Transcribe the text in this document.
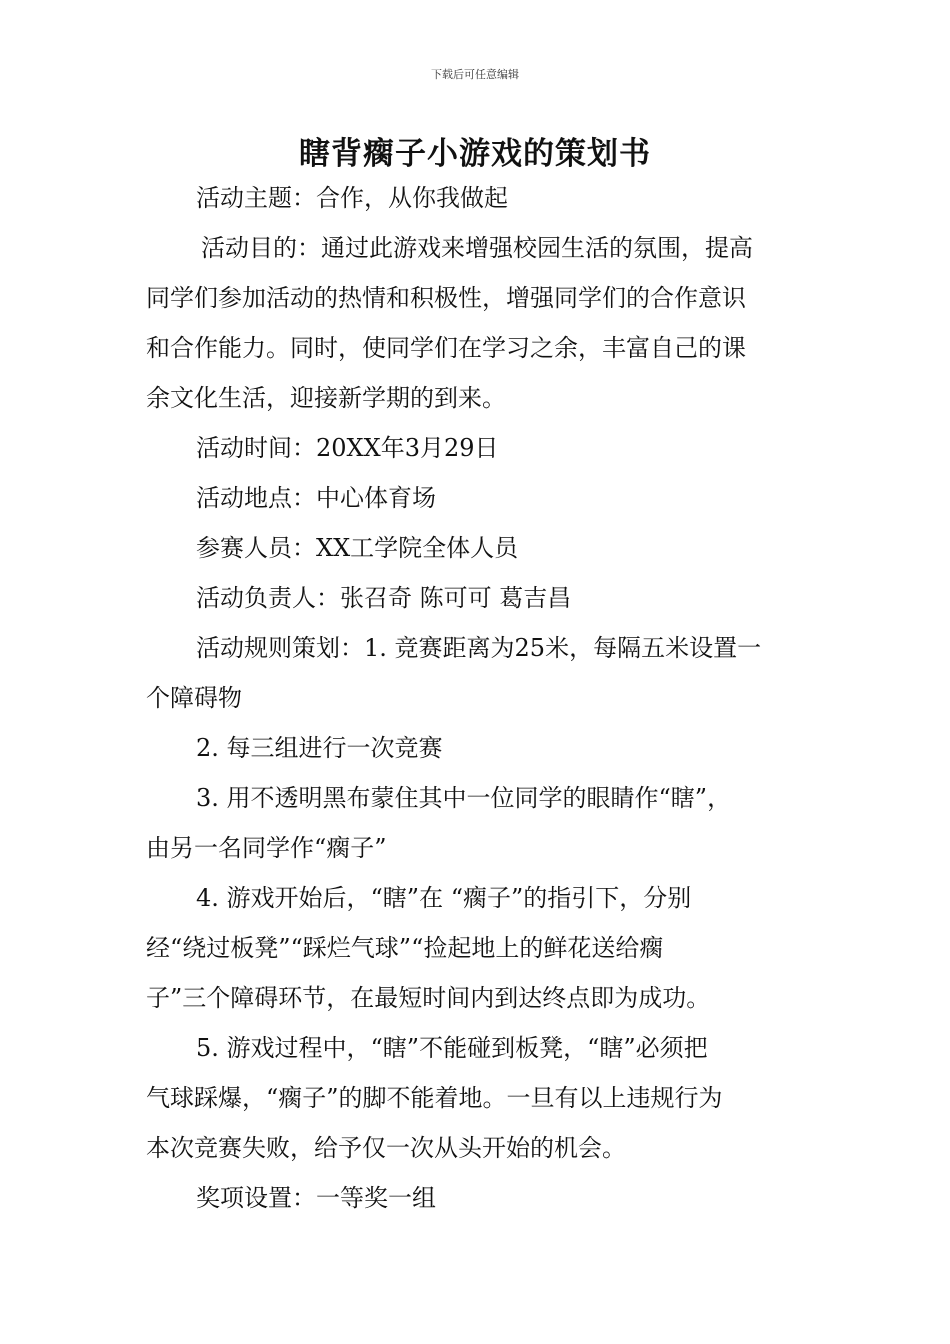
下载后可任意编辑
瞎背瘸子小游戏的策划书
活动主题：合作，从你我做起
活动目的：通过此游戏来增强校园生活的氛围，提高
同学们参加活动的热情和积极性，增强同学们的合作意识
和合作能力。同时，使同学们在学习之余，丰富自己的课
余文化生活，迎接新学期的到来。
活动时间：20XX年3月29日
活动地点：中心体育场
参赛人员：XX工学院全体人员
活动负责人：张召奇 陈可可 葛吉昌
活动规则策划：1. 竞赛距离为25米，每隔五米设置一
个障碍物
2. 每三组进行一次竞赛
3. 用不透明黑布蒙住其中一位同学的眼睛作“瞎”，
由另一名同学作“瘸子”
4. 游戏开始后，“瞎”在 “瘸子”的指引下，分别
经“绕过板凳”“踩烂气球”“捡起地上的鲜花送给瘸
子”三个障碍环节，在最短时间内到达终点即为成功。
5. 游戏过程中，“瞎”不能碰到板凳，“瞎”必须把
气球踩爆，“瘸子”的脚不能着地。一旦有以上违规行为
本次竞赛失败，给予仅一次从头开始的机会。
奖项设置：一等奖一组
